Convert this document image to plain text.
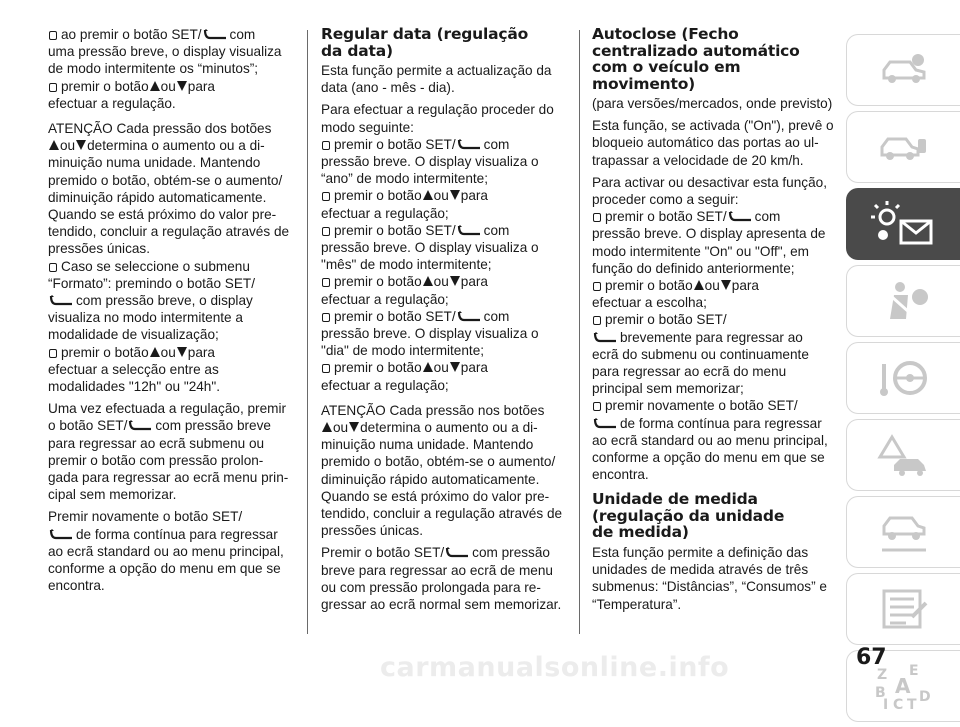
ao premir o botão SET/ com
uma pressão breve, o display visualiza
de modo intermitente os “minutos”;
premir o botão ou para
efectuar a regulação.

ATENÇÃO Cada pressão dos botões
ou determina o aumento ou a di-
minuição numa unidade. Mantendo
premido o botão, obtém-se o aumento/
diminuição rápido automaticamente.
Quando se está próximo do valor pre-
tendido, concluir a regulação através de
pressões únicas.
Caso se seleccione o submenu
“Formato”: premindo o botão SET/
com pressão breve, o display
visualiza no modo intermitente a
modalidade de visualização;
premir o botão ou para
efectuar a selecção entre as
modalidades "12h" ou "24h".

Uma vez efectuada a regulação, premir
o botão SET/ com pressão breve
para regressar ao ecrã submenu ou
premir o botão com pressão prolon-
gada para regressar ao ecrã menu prin-
cipal sem memorizar.

Premir novamente o botão SET/
de forma contínua para regressar
ao ecrã standard ou ao menu principal,
conforme a opção do menu em que se
encontra.

Regular data (regulação
da data)

Esta função permite a actualização da
data (ano - mês - dia).

Para efectuar a regulação proceder do
modo seguinte:
premir o botão SET/ com
pressão breve. O display visualiza o
“ano” de modo intermitente;
premir o botão ou para
efectuar a regulação;
premir o botão SET/ com
pressão breve. O display visualiza o
"mês" de modo intermitente;
premir o botão ou para
efectuar a regulação;
premir o botão SET/ com
pressão breve. O display visualiza o
"dia" de modo intermitente;
premir o botão ou para
efectuar a regulação;

ATENÇÃO Cada pressão nos botões
ou determina o aumento ou a di-
minuição numa unidade. Mantendo
premido o botão, obtém-se o aumento/
diminuição rápido automaticamente.
Quando se está próximo do valor pre-
tendido, concluir a regulação através de
pressões únicas.

Premir o botão SET/ com pressão
breve para regressar ao ecrã de menu
ou com pressão prolongada para re-
gressar ao ecrã normal sem memorizar.

Autoclose (Fecho
centralizado automático
com o veículo em
movimento)

(para versões/mercados, onde previsto)

Esta função, se activada ("On"), prevê o
bloqueio automático das portas ao ul-
trapassar a velocidade de 20 km/h.

Para activar ou desactivar esta função,
proceder como a seguir:
premir o botão SET/ com
pressão breve. O display apresenta de
modo intermitente "On" ou "Off", em
função do definido anteriormente;
premir o botão ou para
efectuar a escolha;
premir o botão SET/
brevemente para regressar ao
ecrã do submenu ou continuamente
para regressar ao ecrã do menu
principal sem memorizar;
premir novamente o botão SET/
de forma contínua para regressar
ao ecrã standard ou ao menu principal,
conforme a opção do menu em que se
encontra.

Unidade de medida
(regulação da unidade
de medida)

Esta função permite a definição das
unidades de medida através de três
submenus: “Distâncias”, “Consumos” e
“Temperatura”.

Z E
B A D
I C T
67
carmanualsonline.info
